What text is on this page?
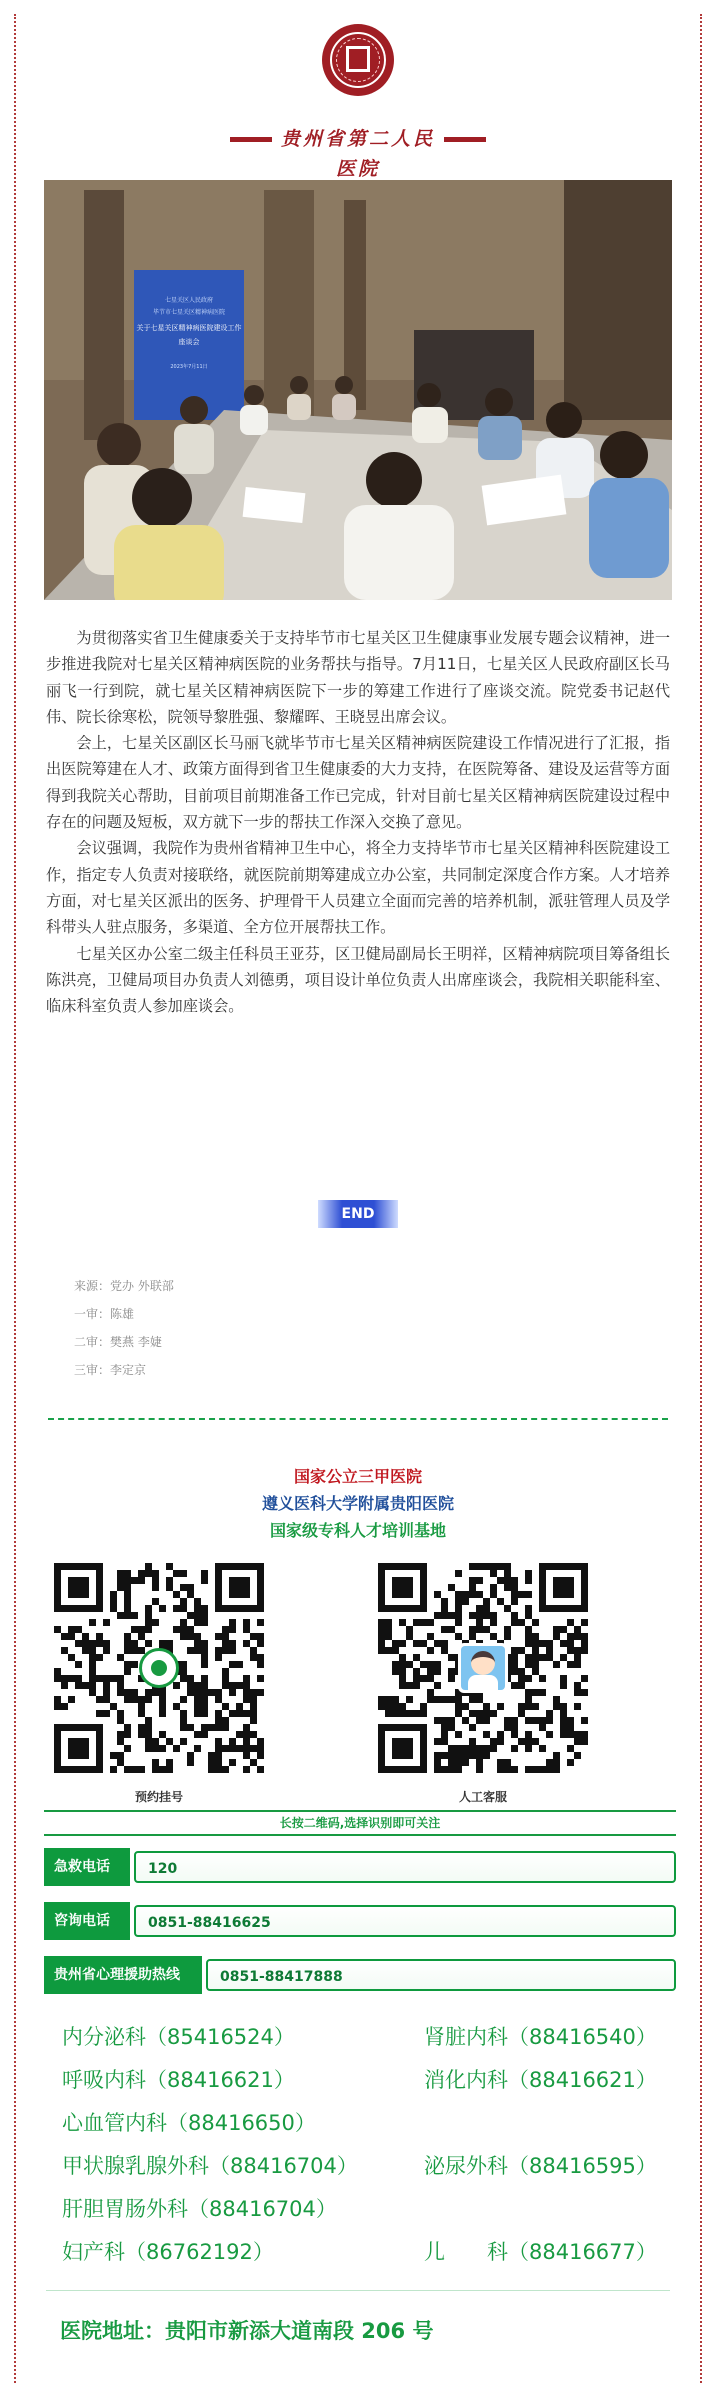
贵州省第二人民医院
七星关区人民政府
毕节市七星关区精神病医院
关于七星关区精神病医院建设工作
座谈会
2023年7月11日

为贯彻落实省卫生健康委关于支持毕节市七星关区卫生健康事业发展专题会议精神，进一步推进我院对七星关区精神病医院的业务帮扶与指导。7月11日，七星关区人民政府副区长马丽飞一行到院，就七星关区精神病医院下一步的筹建工作进行了座谈交流。院党委书记赵代伟、院长徐寒松，院领导黎胜强、黎耀晖、王晓昱出席会议。

会上，七星关区副区长马丽飞就毕节市七星关区精神病医院建设工作情况进行了汇报，指出医院筹建在人才、政策方面得到省卫生健康委的大力支持，在医院筹备、建设及运营等方面得到我院关心帮助，目前项目前期准备工作已完成，针对目前七星关区精神病医院建设过程中存在的问题及短板，双方就下一步的帮扶工作深入交换了意见。

会议强调，我院作为贵州省精神卫生中心，将全力支持毕节市七星关区精神科医院建设工作，指定专人负责对接联络，就医院前期筹建成立办公室，共同制定深度合作方案。人才培养方面，对七星关区派出的医务、护理骨干人员建立全面而完善的培养机制，派驻管理人员及学科带头人驻点服务，多渠道、全方位开展帮扶工作。

七星关区办公室二级主任科员王亚芬，区卫健局副局长王明祥，区精神病院项目筹备组长陈洪亮，卫健局项目办负责人刘德勇，项目设计单位负责人出席座谈会，我院相关职能科室、临床科室负责人参加座谈会。

END
来源：党办 外联部
一审：陈雄
二审：樊燕 李婕
三审：李定京
国家公立三甲医院
遵义医科大学附属贵阳医院
国家级专科人才培训基地
预约挂号	人工客服
长按二维码,选择识别即可关注
急救电话	120
咨询电话	0851-88416625
贵州省心理援助热线	0851-88417888
内分泌科（85416524）	肾脏内科（88416540）
呼吸内科（88416621）	消化内科（88416621）
心血管内科（88416650）
甲状腺乳腺外科（88416704）	泌尿外科（88416595）
肝胆胃肠外科（88416704）
妇产科（86762192）	儿　　科（88416677）
医院地址：贵阳市新添大道南段 206 号
